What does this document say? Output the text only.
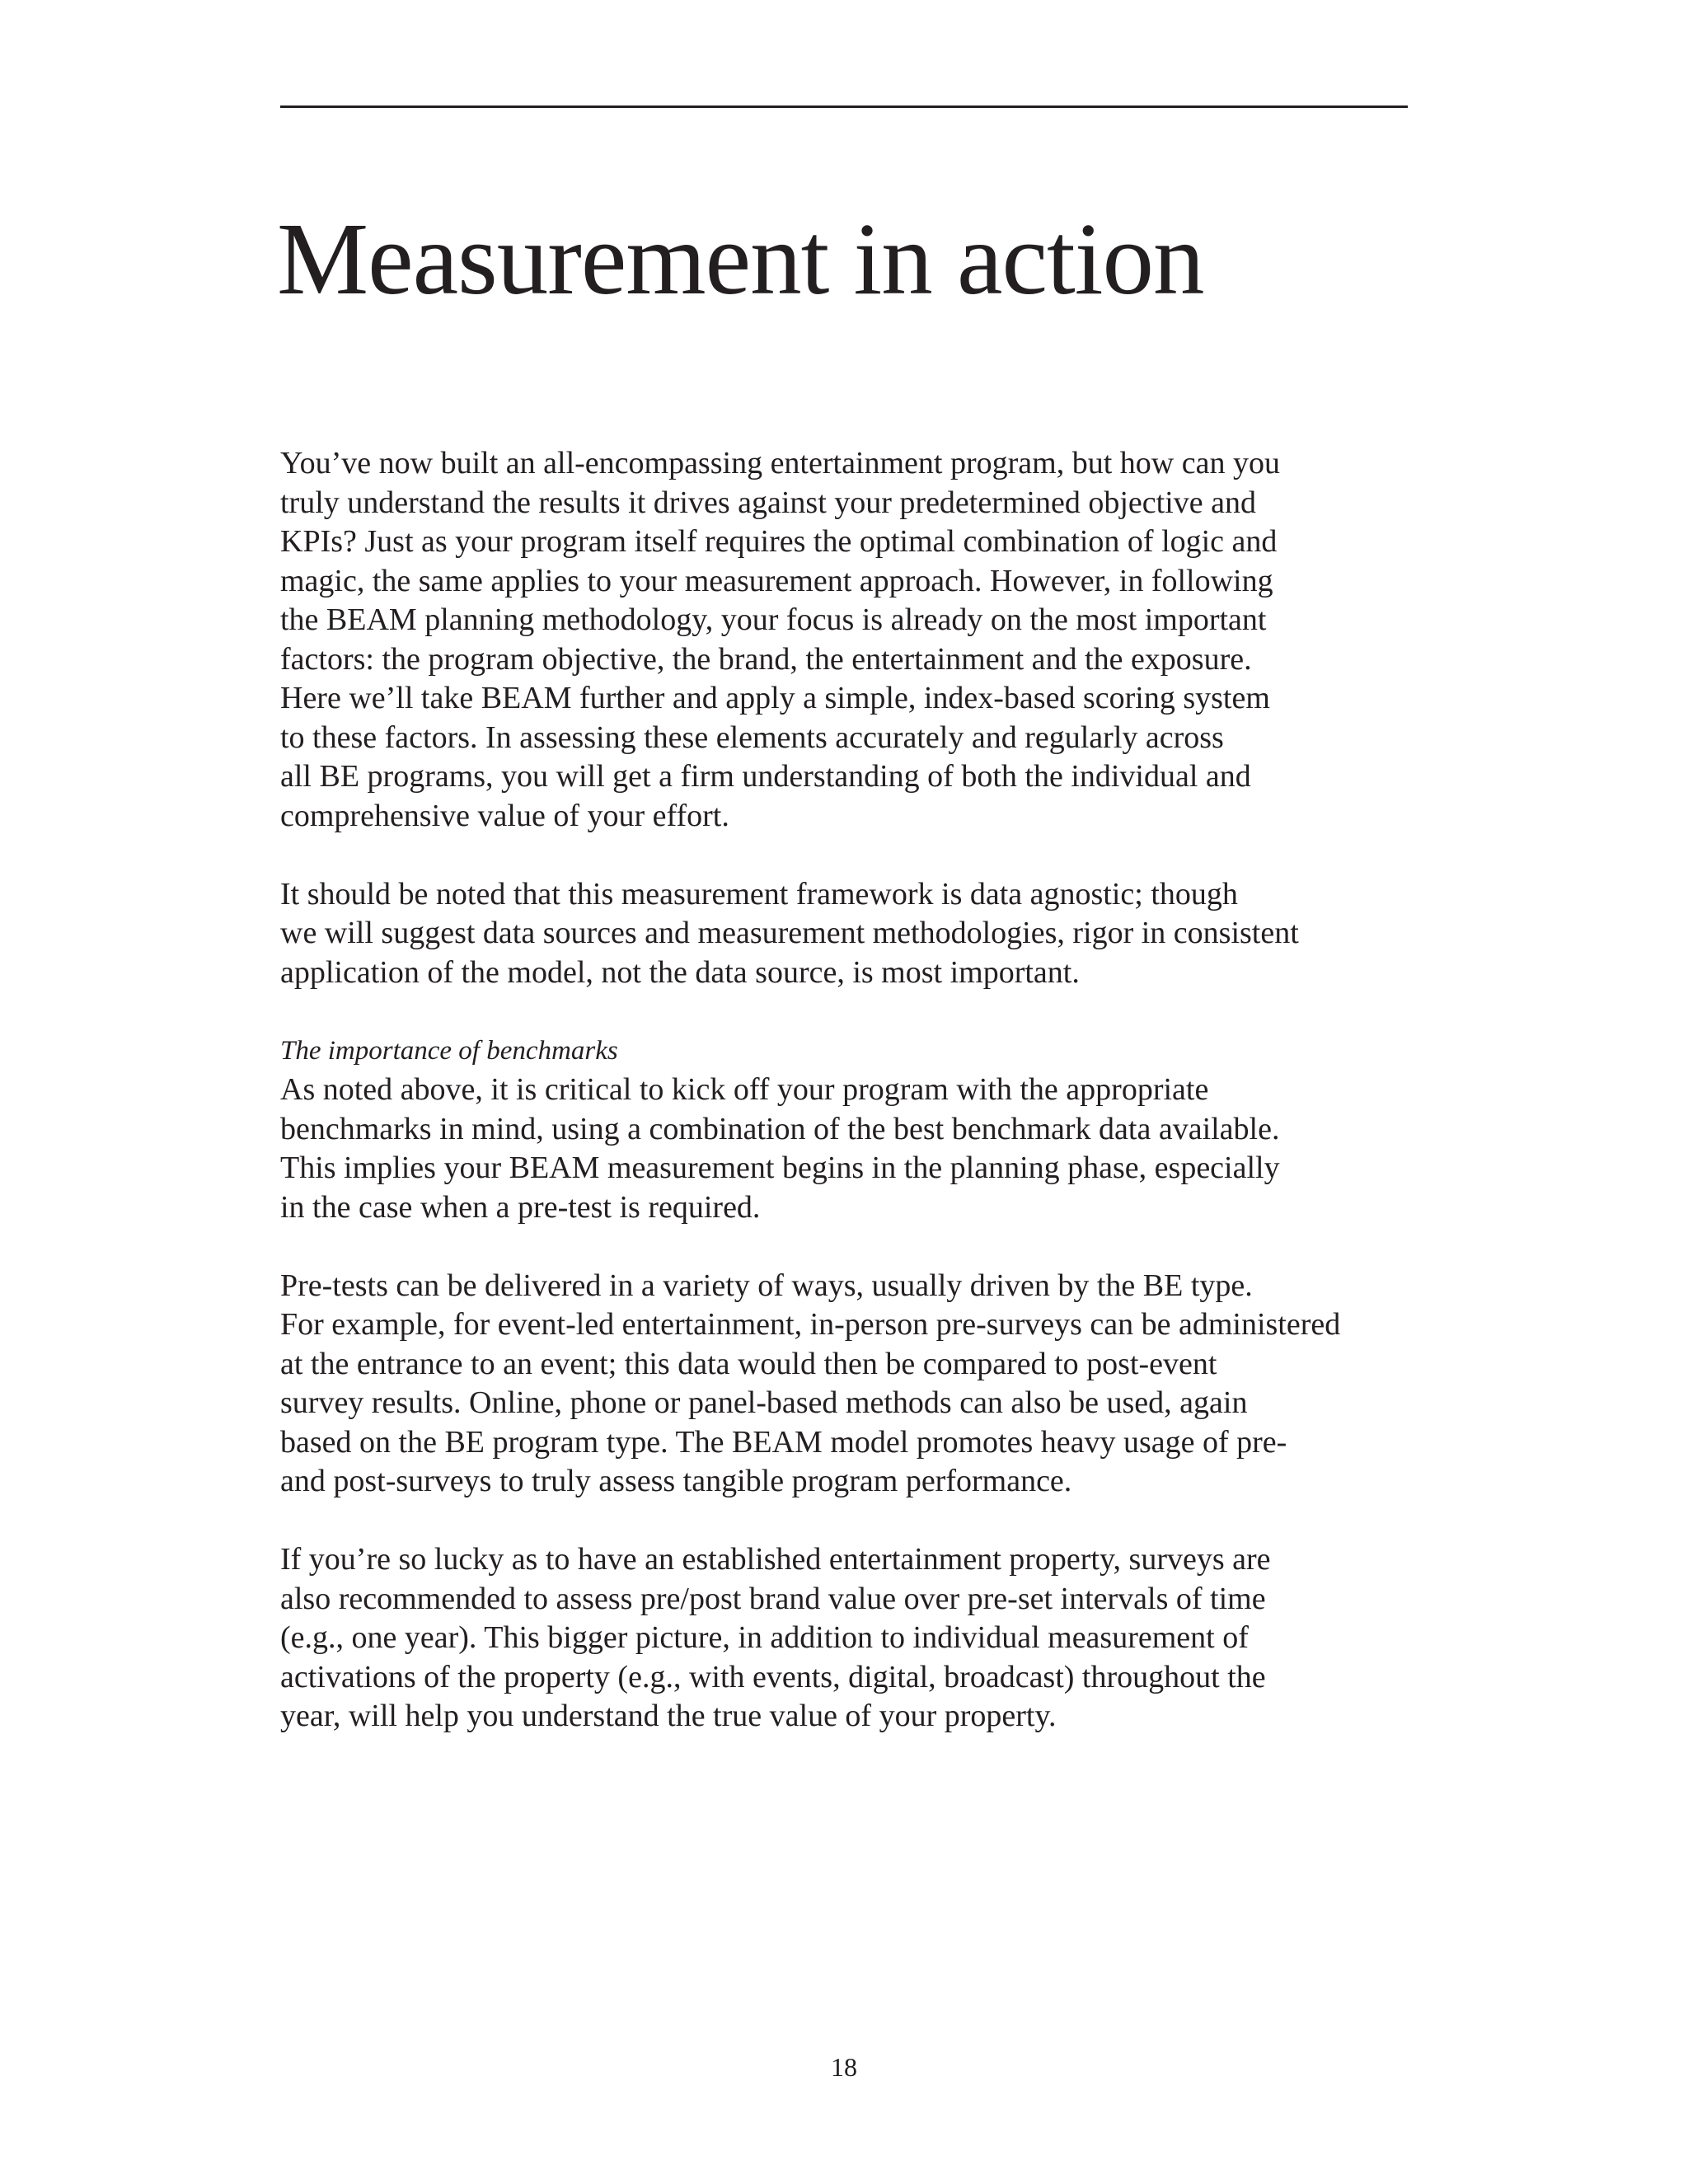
Measurement in action

You’ve now built an all-encompassing entertainment program, but how can you
truly understand the results it drives against your predetermined objective and
KPIs? Just as your program itself requires the optimal combination of logic and
magic, the same applies to your measurement approach. However, in following
the BEAM planning methodology, your focus is already on the most important
factors: the program objective, the brand, the entertainment and the exposure.
Here we’ll take BEAM further and apply a simple, index-based scoring system
to these factors. In assessing these elements accurately and regularly across
all BE programs, you will get a firm understanding of both the individual and
comprehensive value of your effort.

It should be noted that this measurement framework is data agnostic; though
we will suggest data sources and measurement methodologies, rigor in consistent
application of the model, not the data source, is most important.

The importance of benchmarks
As noted above, it is critical to kick off your program with the appropriate
benchmarks in mind, using a combination of the best benchmark data available.
This implies your BEAM measurement begins in the planning phase, especially
in the case when a pre-test is required.

Pre-tests can be delivered in a variety of ways, usually driven by the BE type.
For example, for event-led entertainment, in-person pre-surveys can be administered
at the entrance to an event; this data would then be compared to post-event
survey results. Online, phone or panel-based methods can also be used, again
based on the BE program type. The BEAM model promotes heavy usage of pre-
and post-surveys to truly assess tangible program performance.

If you’re so lucky as to have an established entertainment property, surveys are
also recommended to assess pre/post brand value over pre-set intervals of time
(e.g., one year). This bigger picture, in addition to individual measurement of
activations of the property (e.g., with events, digital, broadcast) throughout the
year, will help you understand the true value of your property.

18
